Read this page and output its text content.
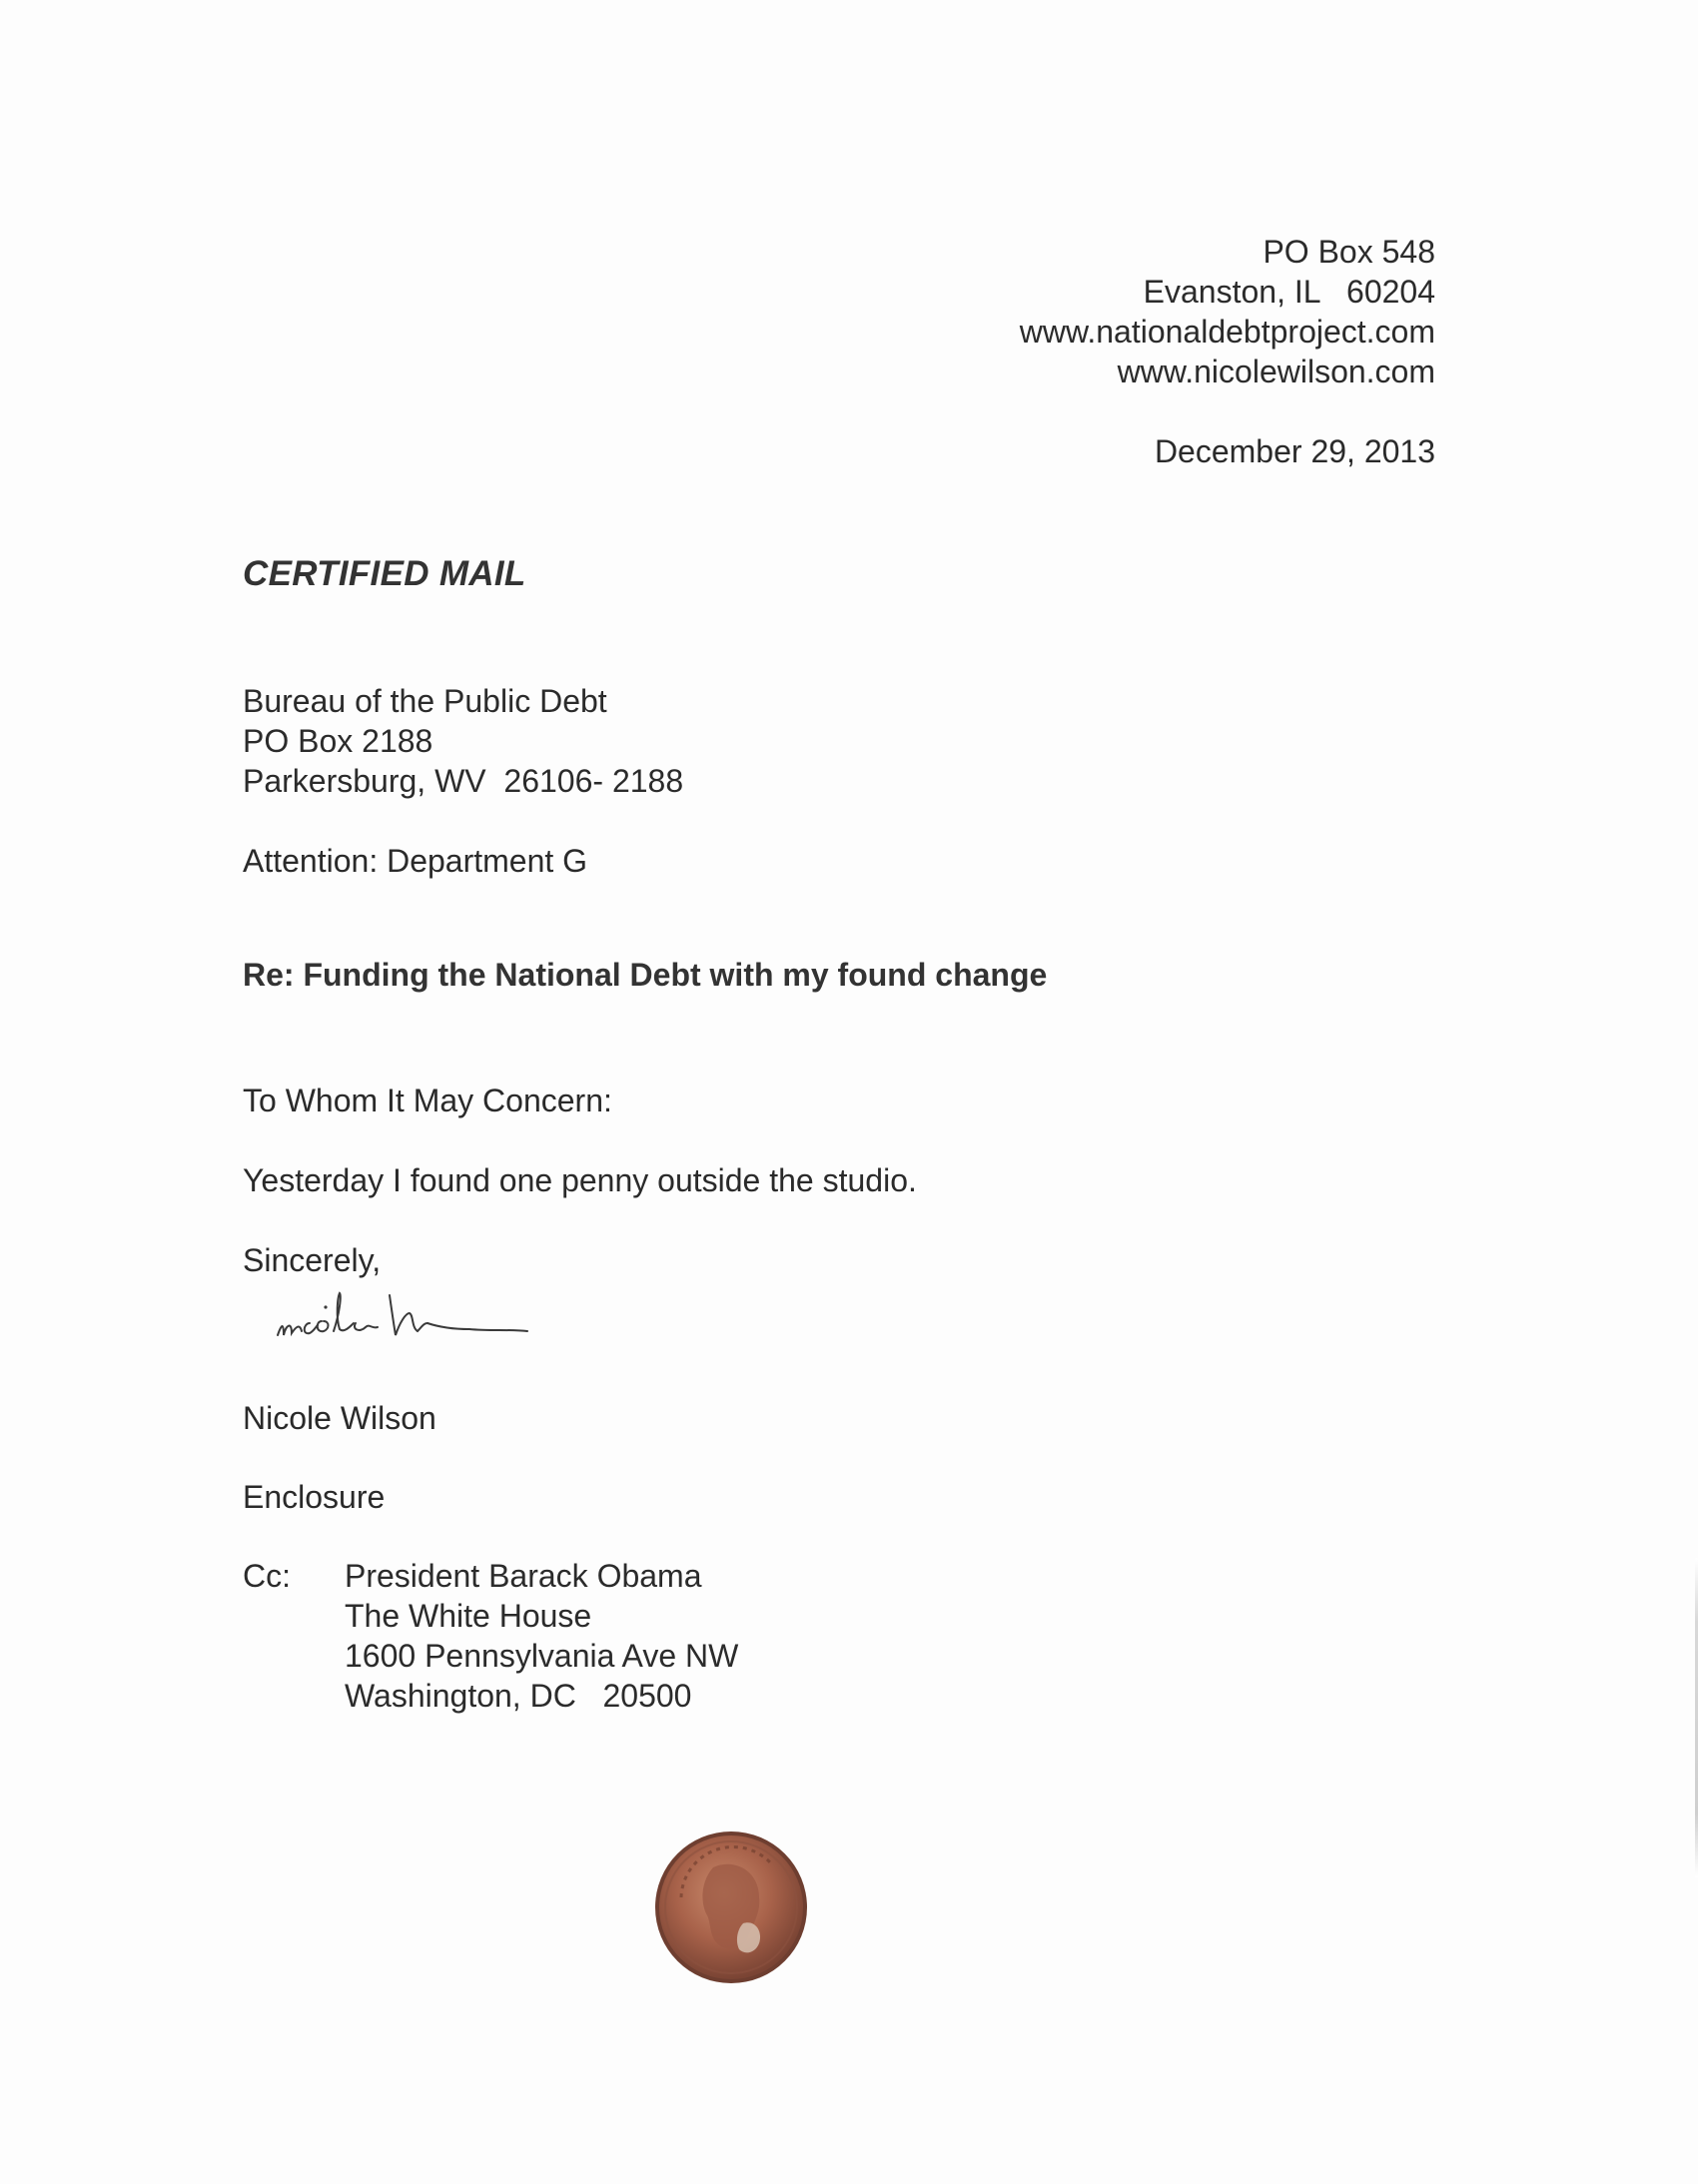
PO Box 548
Evanston, IL   60204
www.nationaldebtproject.com
www.nicolewilson.com
December 29, 2013
CERTIFIED MAIL
Bureau of the Public Debt
PO Box 2188
Parkersburg, WV  26106- 2188
Attention: Department G
Re: Funding the National Debt with my found change
To Whom It May Concern:
Yesterday I found one penny outside the studio.
Sincerely,
Nicole Wilson
Enclosure
Cc: President Barack Obama
The White House
1600 Pennsylvania Ave NW
Washington, DC   20500
